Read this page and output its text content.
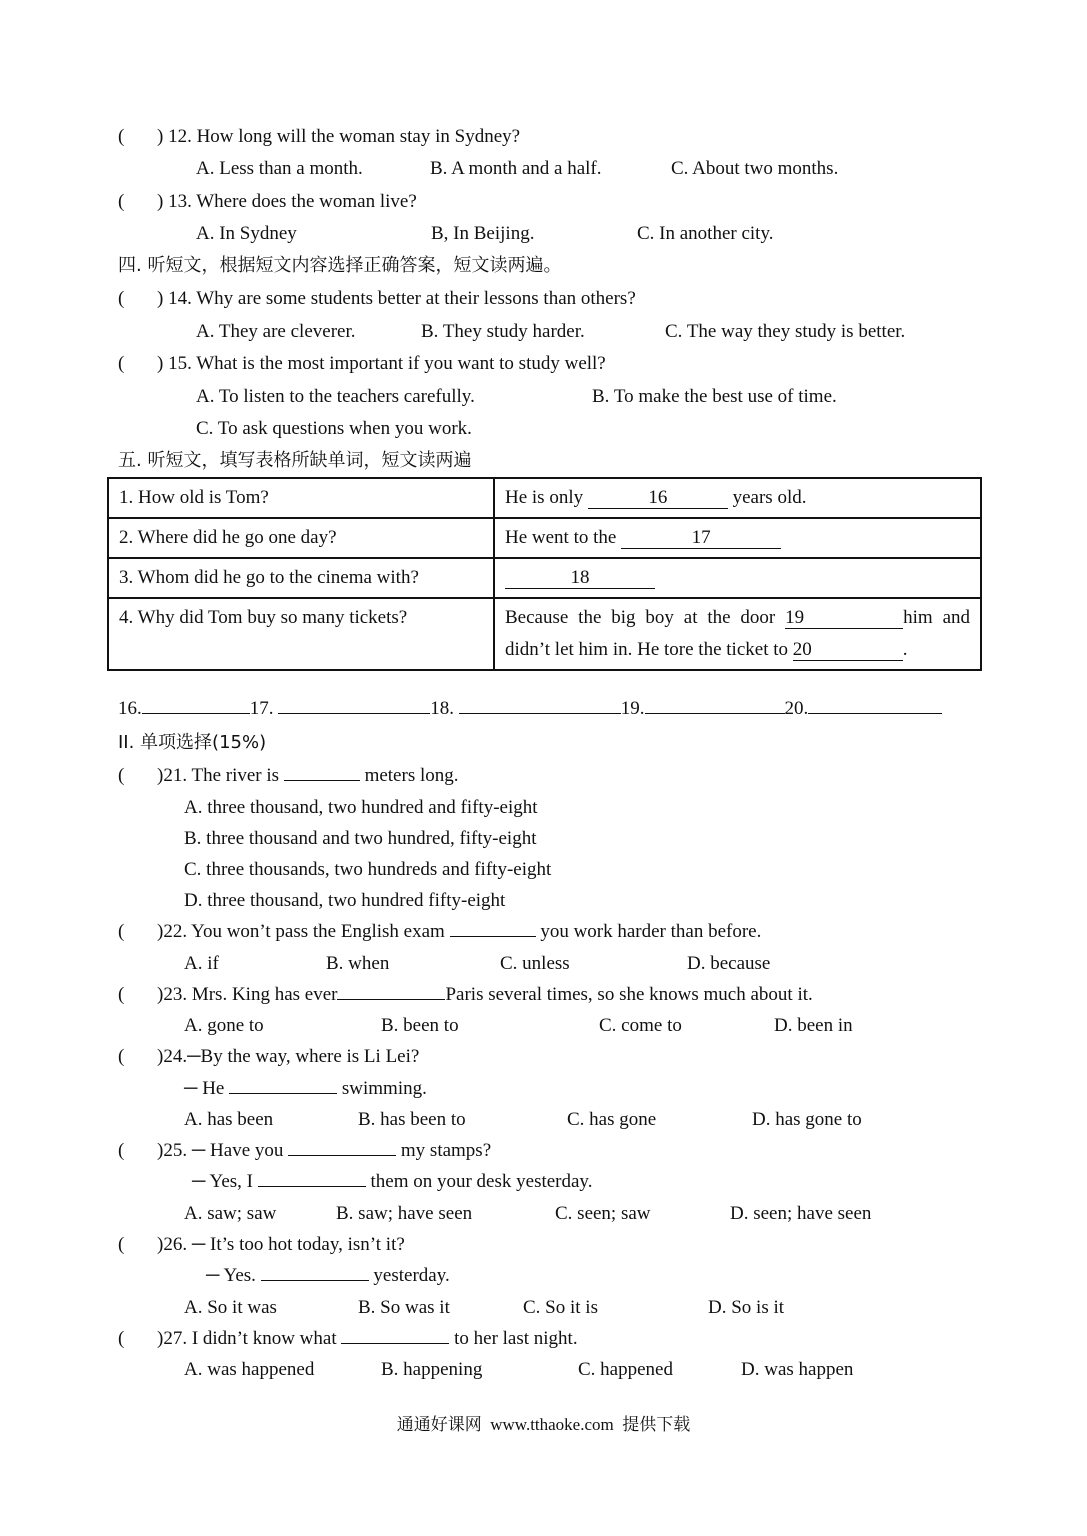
( ) 12. How long will the woman stay in Sydney?
A. Less than a month.	B. A month and a half.	C. About two months.
( ) 13. Where does the woman live?
A. In Sydney	B, In Beijing.	C. In another city.
四. 听短文，根据短文内容选择正确答案，短文读两遍。
( ) 14. Why are some students better at their lessons than others?
A. They are cleverer.	B. They study harder.	C. The way they study is better.
( ) 15. What is the most important if you want to study well?
A. To listen to the teachers carefully.	B. To make the best use of time.
C. To ask questions when you work.
五. 听短文，填写表格所缺单词，短文读两遍
1. How old is Tom?	He is only 16 years old.
2. Where did he go one day?	He went to the 17
3. Whom did he go to the cinema with?	18
4. Why did Tom buy so many tickets?	Because the big boy at the door 19 him and didn’t let him in. He tore the ticket to 20 .
16.	17.	18.	19.	20.
II. 单项选择(15%)
( )21. The river is	meters long.
A. three thousand, two hundred and fifty-eight
B. three thousand and two hundred, fifty-eight
C. three thousands, two hundreds and fifty-eight
D. three thousand, two hundred fifty-eight
( )22. You won’t pass the English exam	you work harder than before.
A. if	B. when	C. unless	D. because
( )23. Mrs. King has ever	Paris several times, so she knows much about it.
A. gone to	B. been to	C. come to	D. been in
( )24.─By the way, where is Li Lei?
─ He	swimming.
A. has been	B. has been to	C. has gone	D. has gone to
( )25. ─ Have you	my stamps?
─ Yes, I	them on your desk yesterday.
A. saw; saw	B. saw; have seen	C. seen; saw	D. seen; have seen
( )26. ─ It’s too hot today, isn’t it?
─ Yes.	yesterday.
A. So it was	B. So was it	C. So it is	D. So is it
( )27. I didn’t know what	to her last night.
A. was happened	B. happening	C. happened	D. was happen
通通好课网 www.tthaoke.com 提供下载
